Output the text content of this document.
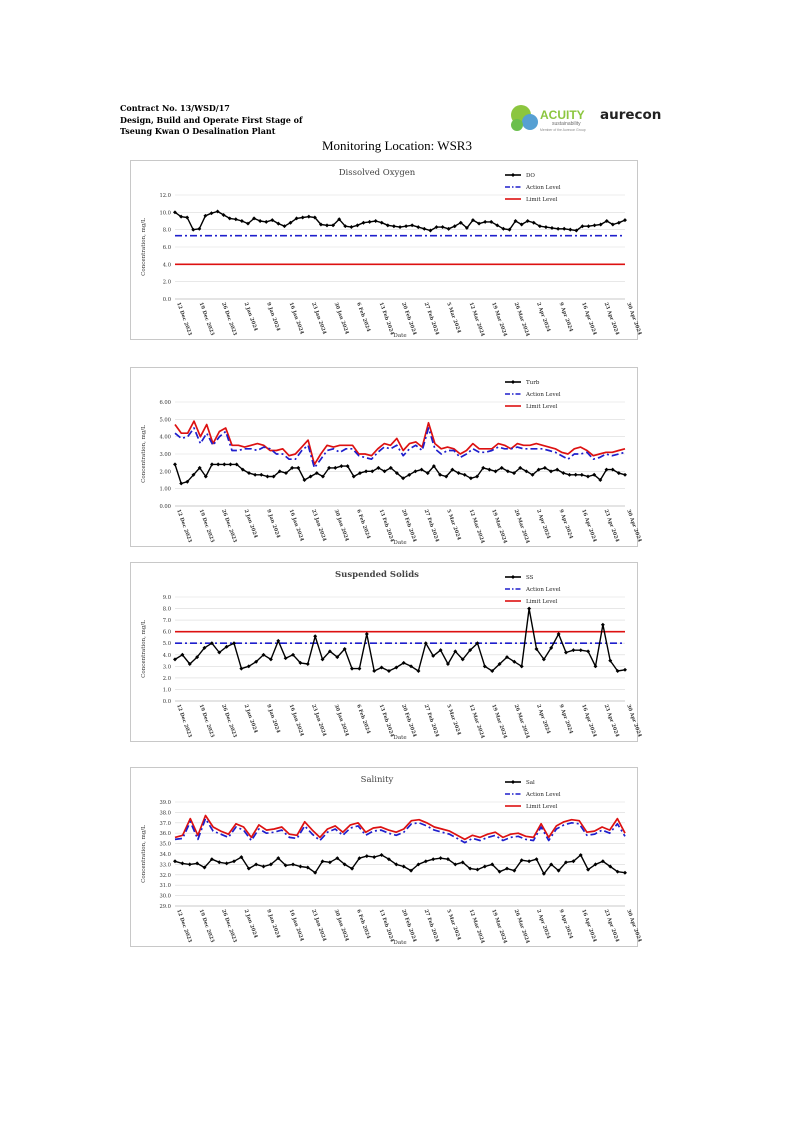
Contract No. 13/WSD/17
Design, Build and Operate First Stage of
Tseung Kwan O Desalination Plant
ACUITY
sustainability
Member of the Aurecon Group
aurecon
Monitoring Location: WSR3
Dissolved Oxygen
0.0
2.0
4.0
6.0
8.0
10.0
12.0
Concentration, mg/L
12 Dec 2023 19 Dec 2023 26 Dec 2023 2 Jan 2024 9 Jan 2024 16 Jan 2024 23 Jan 2024 30 Jan 2024 6 Feb 2024 13 Feb 2024 20 Feb 2024 27 Feb 2024 5 Mar 2024 12 Mar 2024 19 Mar 2024 26 Mar 2024 2 Apr 2024 9 Apr 2024 16 Apr 2024 23 Apr 2024 30 Apr 2024
Date
DO
Action Level
Limit Level
0.00
1.00
2.00
3.00
4.00
5.00
6.00
Concentration, mg/L
12 Dec 2023 19 Dec 2023 26 Dec 2023 2 Jan 2024 9 Jan 2024 16 Jan 2024 23 Jan 2024 30 Jan 2024 6 Feb 2024 13 Feb 2024 20 Feb 2024 27 Feb 2024 5 Mar 2024 12 Mar 2024 19 Mar 2024 26 Mar 2024 2 Apr 2024 9 Apr 2024 16 Apr 2024 23 Apr 2024 30 Apr 2024
Date
Turb
Action Level
Limit Level
Suspended Solids
0.0
1.0
2.0
3.0
4.0
5.0
6.0
7.0
8.0
9.0
Concentration, mg/L
12 Dec 2023 19 Dec 2023 26 Dec 2023 2 Jan 2024 9 Jan 2024 16 Jan 2024 23 Jan 2024 30 Jan 2024 6 Feb 2024 13 Feb 2024 20 Feb 2024 27 Feb 2024 5 Mar 2024 12 Mar 2024 19 Mar 2024 26 Mar 2024 2 Apr 2024 9 Apr 2024 16 Apr 2024 23 Apr 2024 30 Apr 2024
Date
SS
Action Level
Limit Level
Salinity
29.0
30.0
31.0
32.0
33.0
34.0
35.0
36.0
37.0
38.0
39.0
Concentration, mg/L
12 Dec 2023 19 Dec 2023 26 Dec 2023 2 Jan 2024 9 Jan 2024 16 Jan 2024 23 Jan 2024 30 Jan 2024 6 Feb 2024 13 Feb 2024 20 Feb 2024 27 Feb 2024 5 Mar 2024 12 Mar 2024 19 Mar 2024 26 Mar 2024 2 Apr 2024 9 Apr 2024 16 Apr 2024 23 Apr 2024 30 Apr 2024
Date
Sal
Action Level
Limit Level
